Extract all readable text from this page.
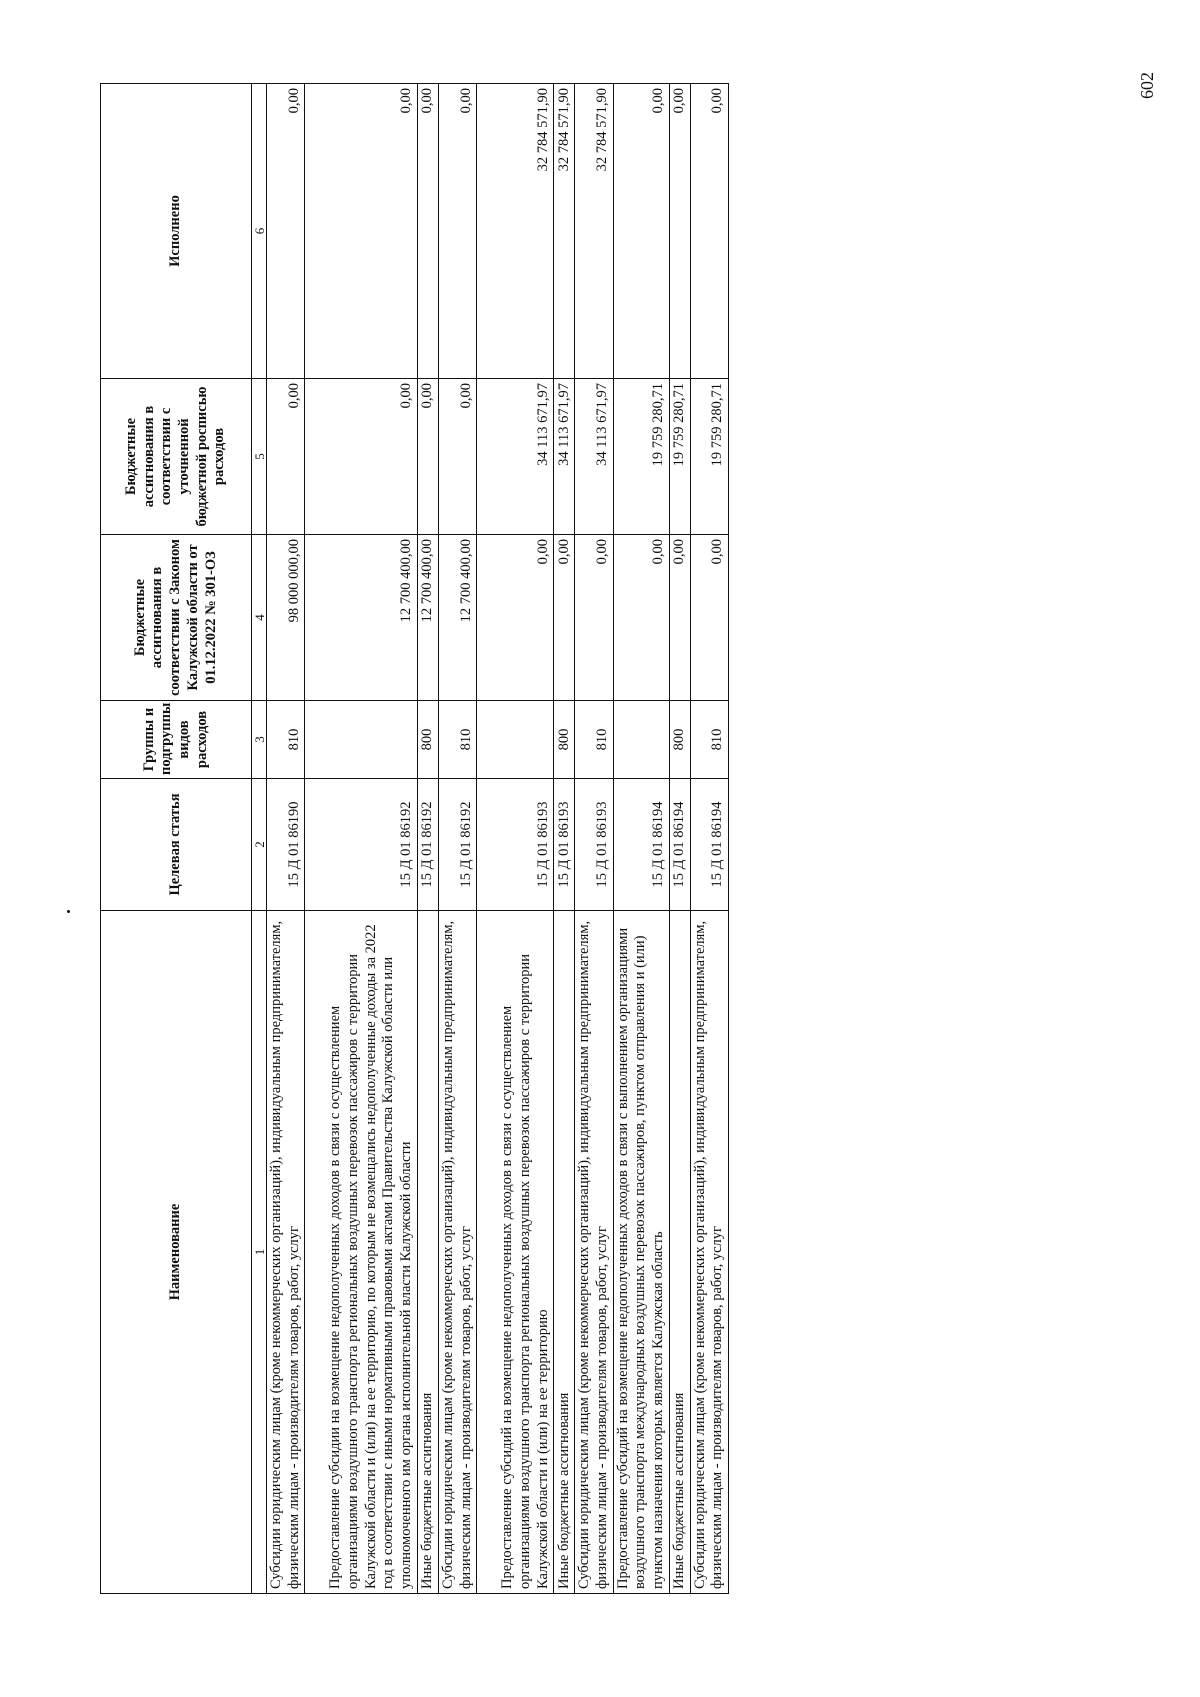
602
Наименование	Целевая статья	Группы и подгруппы видов расходов	Бюджетные ассигнования в соответствии с Законом Калужской области от 01.12.2022 № 301-ОЗ	Бюджетные ассигнования в соответствии с уточненной бюджетной росписью расходов	Исполнено
1	2	3	4	5	6
Субсидии юридическим лицам (кроме некоммерческих организаций), индивидуальным предпринимателям, физическим лицам - производителям товаров, работ, услуг	15 Д 01 86190	810	98 000 000,00	0,00	0,00
Предоставление субсидии на возмещение недополученных доходов в связи с осуществлением организациями воздушного транспорта региональных воздушных перевозок пассажиров с территории Калужской области и (или) на ее территорию, по которым не возмещались недополученные доходы за 2022 год в соответствии с иными нормативными правовыми актами Правительства Калужской области или уполномоченного им органа исполнительной власти Калужской области	15 Д 01 86192		12 700 400,00	0,00	0,00
Иные бюджетные ассигнования	15 Д 01 86192	800	12 700 400,00	0,00	0,00
Субсидии юридическим лицам (кроме некоммерческих организаций), индивидуальным предпринимателям, физическим лицам - производителям товаров, работ, услуг	15 Д 01 86192	810	12 700 400,00	0,00	0,00
Предоставление субсидий на возмещение недополученных доходов в связи с осуществлением организациями воздушного транспорта региональных воздушных перевозок пассажиров с территории Калужской области и (или) на ее территорию	15 Д 01 86193		0,00	34 113 671,97	32 784 571,90
Иные бюджетные ассигнования	15 Д 01 86193	800	0,00	34 113 671,97	32 784 571,90
Субсидии юридическим лицам (кроме некоммерческих организаций), индивидуальным предпринимателям, физическим лицам - производителям товаров, работ, услуг	15 Д 01 86193	810	0,00	34 113 671,97	32 784 571,90
Предоставление субсидий на возмещение недополученных доходов в связи с выполнением организациями воздушного транспорта международных воздушных перевозок пассажиров, пунктом отправления и (или) пунктом назначения которых является Калужская область	15 Д 01 86194		0,00	19 759 280,71	0,00
Иные бюджетные ассигнования	15 Д 01 86194	800	0,00	19 759 280,71	0,00
Субсидии юридическим лицам (кроме некоммерческих организаций), индивидуальным предпринимателям, физическим лицам - производителям товаров, работ, услуг	15 Д 01 86194	810	0,00	19 759 280,71	0,00
